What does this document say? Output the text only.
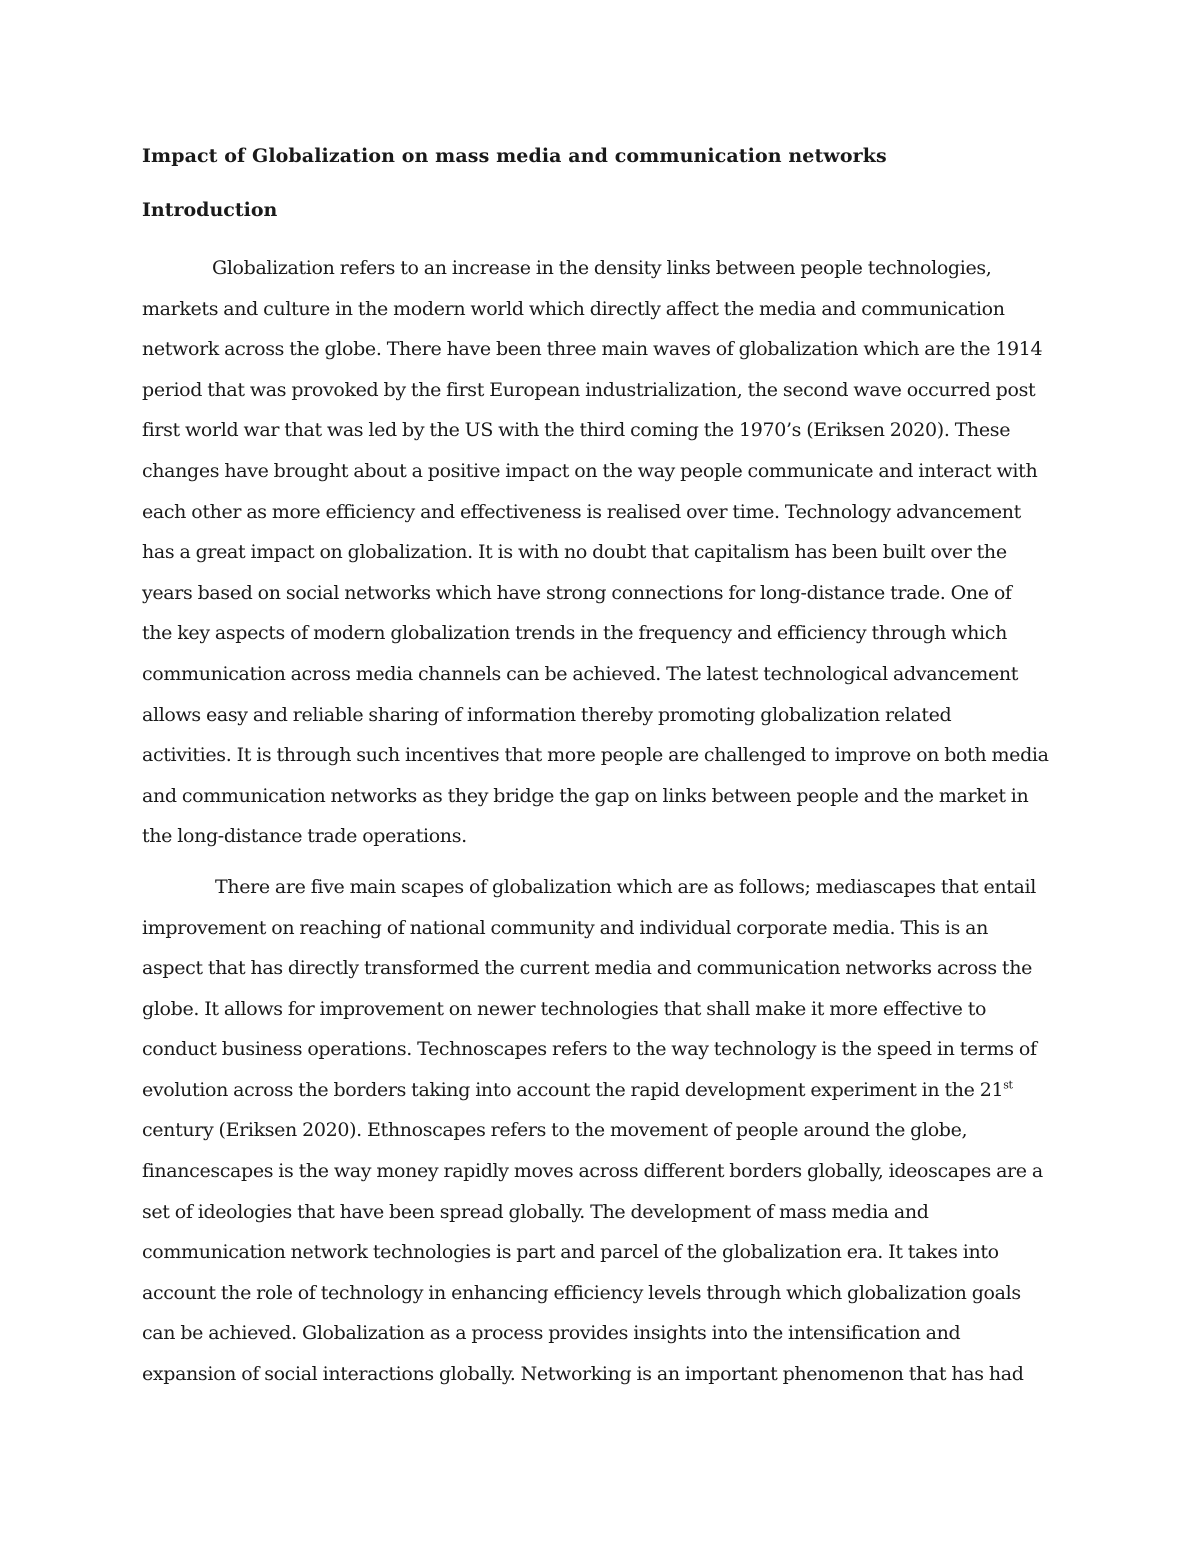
Impact of Globalization on mass media and communication networks
Introduction
Globalization refers to an increase in the density links between people technologies,
markets and culture in the modern world which directly affect the media and communication
network across the globe. There have been three main waves of globalization which are the 1914
period that was provoked by the first European industrialization, the second wave occurred post
first world war that was led by the US with the third coming the 1970’s (Eriksen 2020). These
changes have brought about a positive impact on the way people communicate and interact with
each other as more efficiency and effectiveness is realised over time. Technology advancement
has a great impact on globalization. It is with no doubt that capitalism has been built over the
years based on social networks which have strong connections for long-distance trade. One of
the key aspects of modern globalization trends in the frequency and efficiency through which
communication across media channels can be achieved. The latest technological advancement
allows easy and reliable sharing of information thereby promoting globalization related
activities. It is through such incentives that more people are challenged to improve on both media
and communication networks as they bridge the gap on links between people and the market in
the long-distance trade operations.
There are five main scapes of globalization which are as follows; mediascapes that entail
improvement on reaching of national community and individual corporate media. This is an
aspect that has directly transformed the current media and communication networks across the
globe. It allows for improvement on newer technologies that shall make it more effective to
conduct business operations. Technoscapes refers to the way technology is the speed in terms of
evolution across the borders taking into account the rapid development experiment in the 21st
century (Eriksen 2020). Ethnoscapes refers to the movement of people around the globe,
financescapes is the way money rapidly moves across different borders globally, ideoscapes are a
set of ideologies that have been spread globally. The development of mass media and
communication network technologies is part and parcel of the globalization era. It takes into
account the role of technology in enhancing efficiency levels through which globalization goals
can be achieved. Globalization as a process provides insights into the intensification and
expansion of social interactions globally. Networking is an important phenomenon that has had
